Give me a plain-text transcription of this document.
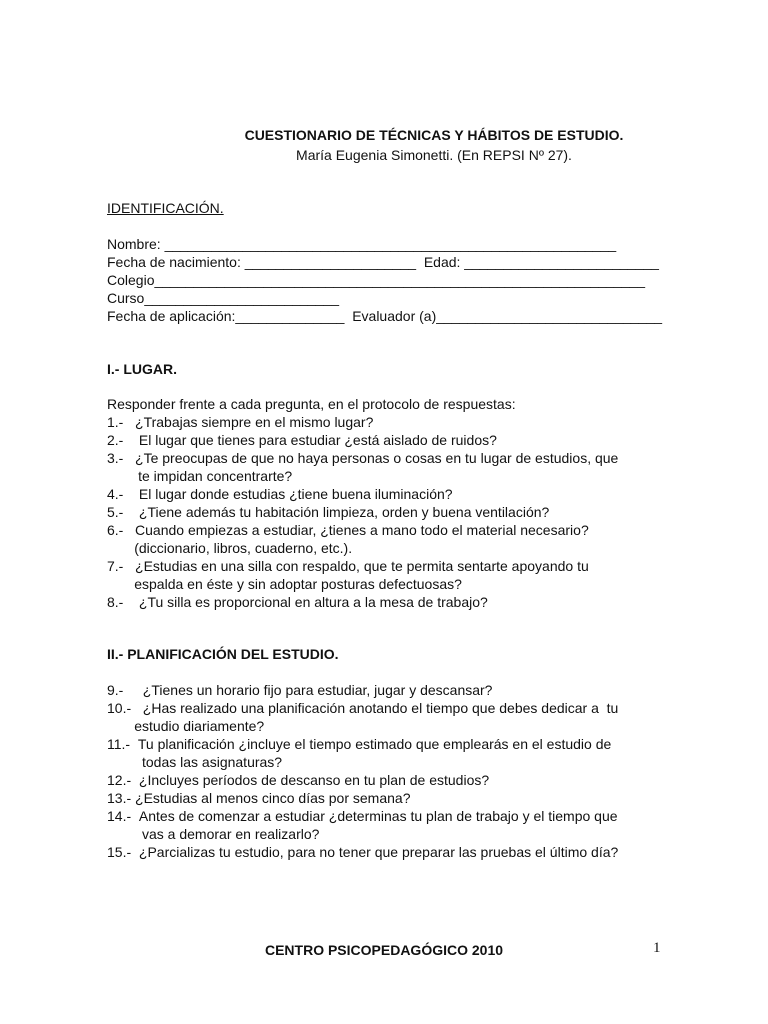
CUESTIONARIO DE TÉCNICAS Y HÁBITOS DE ESTUDIO.
María Eugenia Simonetti. (En REPSI Nº 27).
IDENTIFICACIÓN.
Nombre: __________________________________________________________
Fecha de nacimiento: ______________________  Edad: _________________________
Colegio_______________________________________________________________
Curso_________________________
Fecha de aplicación:______________  Evaluador (a)_____________________________
I.- LUGAR.
Responder frente a cada pregunta, en el protocolo de respuestas:
1.- ¿Trabajas siempre en el mismo lugar?
2.- El lugar que tienes para estudiar ¿está aislado de ruidos?
3.- ¿Te preocupas de que no haya personas o cosas en tu lugar de estudios, que
te impidan concentrarte?
4.- El lugar donde estudias ¿tiene buena iluminación?
5.- ¿Tiene además tu habitación limpieza, orden y buena ventilación?
6.- Cuando empiezas a estudiar, ¿tienes a mano todo el material necesario?
(diccionario, libros, cuaderno, etc.).
7.- ¿Estudias en una silla con respaldo, que te permita sentarte apoyando tu
espalda en éste y sin adoptar posturas defectuosas?
8.- ¿Tu silla es proporcional en altura a la mesa de trabajo?
II.- PLANIFICACIÓN DEL ESTUDIO.
9.- ¿Tienes un horario fijo para estudiar, jugar y descansar?
10.- ¿Has realizado una planificación anotando el tiempo que debes dedicar a  tu
estudio diariamente?
11.- Tu planificación ¿incluye el tiempo estimado que emplearás en el estudio de
todas las asignaturas?
12.- ¿Incluyes períodos de descanso en tu plan de estudios?
13.- ¿Estudias al menos cinco días por semana?
14.- Antes de comenzar a estudiar ¿determinas tu plan de trabajo y el tiempo que
vas a demorar en realizarlo?
15.- ¿Parcializas tu estudio, para no tener que preparar las pruebas el último día?
CENTRO PSICOPEDAGÓGICO 2010	1
